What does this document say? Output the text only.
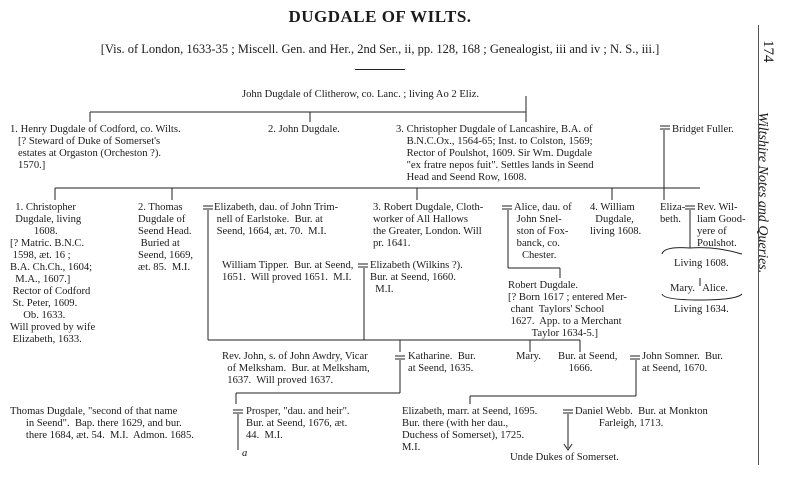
DUGDALE OF WILTS.
[Vis. of London, 1633-35 ; Miscell. Gen. and Her., 2nd Ser., ii, pp. 128, 168 ; Genealogist, iii and iv ; N. S., iii.]	174
Wiltshire Notes and Queries.
John Dugdale of Clitherow, co. Lanc. ; living Ao 2 Eliz.
1. Henry Dugdale of Codford, co. Wilts.
[? Steward of Duke of Somerset's
estates at Orgaston (Orcheston ?).
1570.]
2. John Dugdale.	3. Christopher Dugdale of Lancashire, B.A. of
B.N.C.Ox., 1564-65; Inst. to Colston, 1569;
Rector of Poulshot, 1609. Sir Wm. Dugdale
"ex fratre nepos fuit". Settles lands in Seend
Head and Seend Row, 1608.
Bridget Fuller.
1. Christopher
Dugdale, living
1608.
[? Matric. B.N.C.
1598, æt. 16 ;
B.A. Ch.Ch., 1604;
M.A., 1607.]
Rector of Codford
St. Peter, 1609.
Ob. 1633.
Will proved by wife
Elizabeth, 1633.
2. Thomas
Dugdale of
Seend Head.
Buried at
Seend, 1669,
æt. 85.  M.I.
Elizabeth, dau. of John Trim-
nell of Earlstoke.  Bur. at
Seend, 1664, æt. 70.  M.I.
3. Robert Dugdale, Cloth-
worker of All Hallows
the Greater, London. Will
pr. 1641.
Alice, dau. of
John Snel-
ston of Fox-
banck, co.
Chester.
4. William
Dugdale,
living 1608.
Eliza-
beth.
Rev. Wil-
liam Good-
yere of
Poulshot.
Living 1608.
William Tipper.  Bur. at Seend,
1651.  Will proved 1651.  M.I.
Elizabeth (Wilkins ?).
Bur. at Seend, 1660.
M.I.	Robert Dugdale.
[? Born 1617 ; entered Mer-
chant  Taylors' School
1627.  App. to a Merchant
Taylor 1634-5.]
Mary.   Alice.
Living 1634.
Rev. John, s. of John Awdry, Vicar
of Melksham.  Bur. at Melksham,
1637.  Will proved 1637.
Katharine.  Bur.
at Seend, 1635.
Mary. Bur. at Seend,
1666.
John Somner.  Bur.
at Seend, 1670.
Thomas Dugdale, "second of that name
in Seend".  Bap. there 1629, and bur.
there 1684, æt. 54.  M.I.  Admon. 1685.
Prosper, "dau. and heir".
Bur. at Seend, 1676, æt.
44.  M.I.
a
Elizabeth, marr. at Seend, 1695.
Bur. there (with her dau.,
Duchess of Somerset), 1725.
M.I.
Daniel Webb.  Bur. at Monkton
Farleigh, 1713.
Unde Dukes of Somerset.
